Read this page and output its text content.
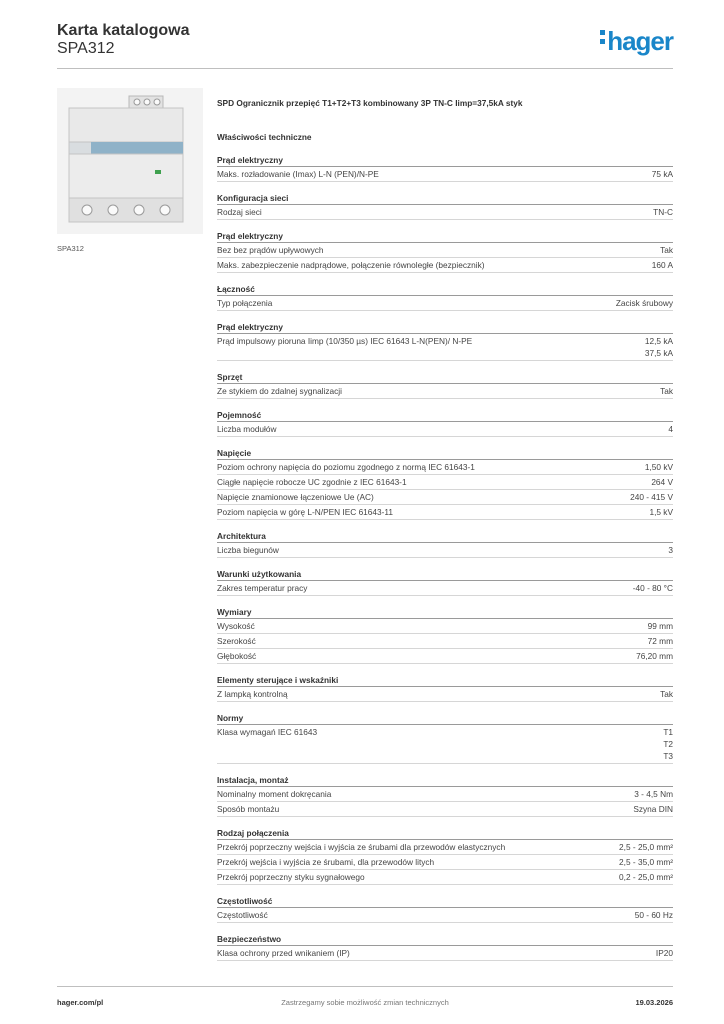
Karta katalogowa
SPA312	hager
SPA312
SPD Ogranicznik przepięć T1+T2+T3 kombinowany 3P TN-C Iimp=37,5kA styk
Właściwości techniczne
Prąd elektryczny
Maks. rozładowanie (Imax) L-N (PEN)/N-PE	75 kA
Konfiguracja sieci
Rodzaj sieci	TN-C
Prąd elektryczny
Bez bez prądów upływowych	Tak
Maks. zabezpieczenie nadprądowe, połączenie równoległe (bezpiecznik)	160 A
Łączność
Typ połączenia	Zacisk śrubowy
Prąd elektryczny
Prąd impulsowy pioruna Iimp (10/350 µs) IEC 61643 L-N(PEN)/ N-PE	12,5 kA
37,5 kA
Sprzęt
Ze stykiem do zdalnej sygnalizacji	Tak
Pojemność
Liczba modułów	4
Napięcie
Poziom ochrony napięcia do poziomu zgodnego z normą IEC 61643-1	1,50 kV
Ciągłe napięcie robocze UC zgodnie z IEC 61643-1	264 V
Napięcie znamionowe łączeniowe Ue (AC)	240 - 415 V
Poziom napięcia w górę L-N/PEN IEC 61643-11	1,5 kV
Architektura
Liczba biegunów	3
Warunki użytkowania
Zakres temperatur pracy	-40 - 80 °C
Wymiary
Wysokość	99 mm
Szerokość	72 mm
Głębokość	76,20 mm
Elementy sterujące i wskaźniki
Z lampką kontrolną	Tak
Normy
Klasa wymagań IEC 61643	T1
T2
T3
Instalacja, montaż
Nominalny moment dokręcania	3 - 4,5 Nm
Sposób montażu	Szyna DIN
Rodzaj połączenia
Przekrój poprzeczny wejścia i wyjścia ze śrubami dla przewodów elastycznych	2,5 - 25,0 mm²
Przekrój wejścia i wyjścia ze śrubami, dla przewodów litych	2,5 - 35,0 mm²
Przekrój poprzeczny styku sygnałowego	0,2 - 25,0 mm²
Częstotliwość
Częstotliwość	50 - 60 Hz
Bezpieczeństwo
Klasa ochrony przed wnikaniem (IP)	IP20
hager.com/pl	Zastrzegamy sobie możliwość zmian technicznych	19.03.2026
